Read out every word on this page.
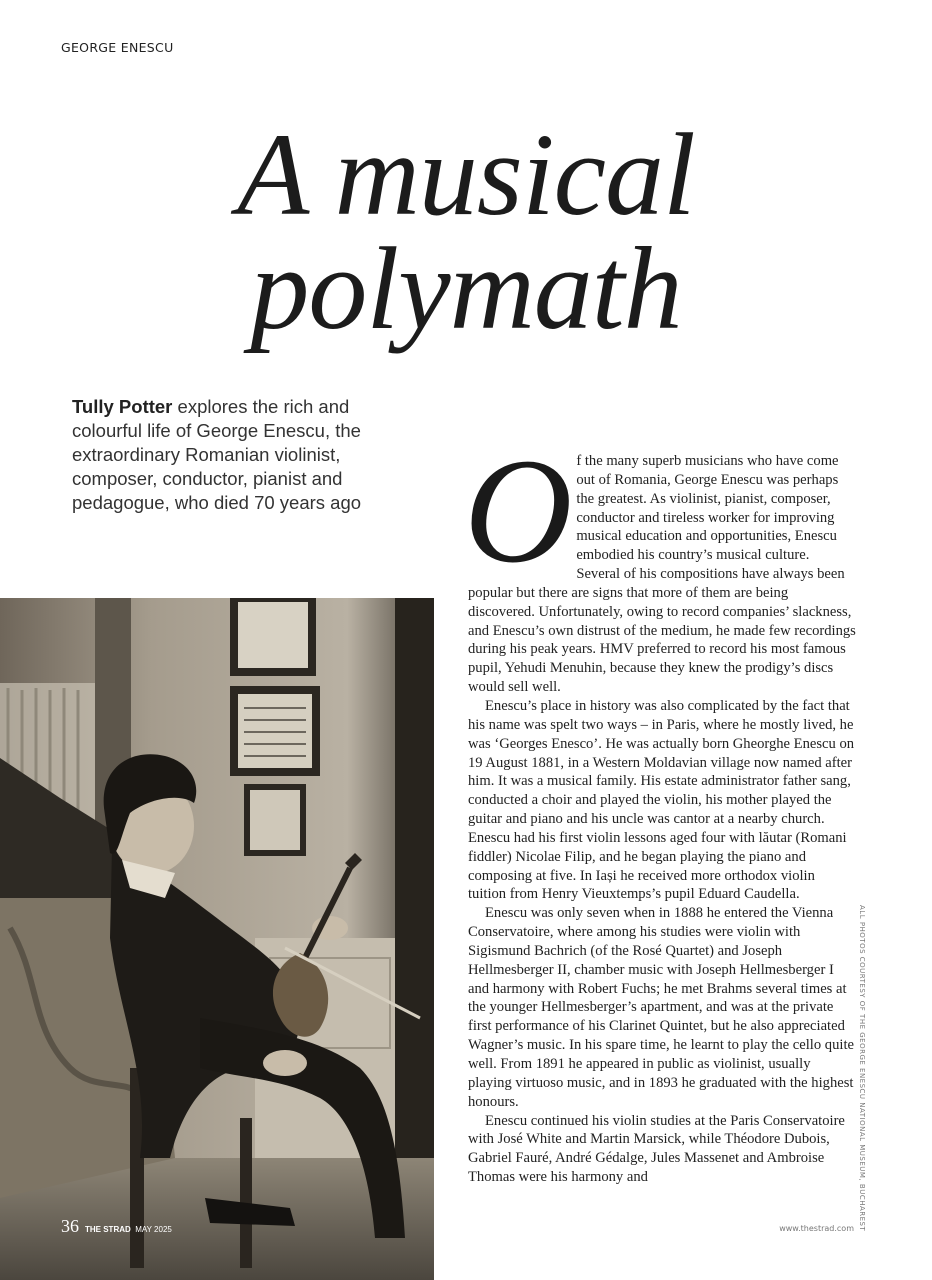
GEORGE ENESCU
A musical
polymath

Tully Potter explores the rich and colourful life of George Enescu, the extraordinary Romanian violinist, composer, conductor, pianist and pedagogue, who died 70 years ago Of the many superb musicians who have come out of Romania, George Enescu was perhaps the greatest. As violinist, pianist, composer, conductor and tireless worker for improving musical education and opportunities, Enescu embodied his country’s musical culture. Several of his compositions have always been popular but there are signs that more of them are being discovered. Unfortunately, owing to record companies’ slackness, and Enescu’s own distrust of the medium, he made few recordings during his peak years. HMV preferred to record his most famous pupil, Yehudi Menuhin, because they knew the prodigy’s discs would sell well.

Enescu’s place in history was also complicated by the fact that his name was spelt two ways – in Paris, where he mostly lived, he was ‘Georges Enesco’. He was actually born Gheorghe Enescu on 19 August 1881, in a Western Moldavian village now named after him. It was a musical family. His estate administrator father sang, conducted a choir and played the violin, his mother played the guitar and piano and his uncle was cantor at a nearby church. Enescu had his first violin lessons aged four with lăutar (Romani fiddler) Nicolae Filip, and he began playing the piano and composing at five. In Iași he received more orthodox violin tuition from Henry Vieuxtemps’s pupil Eduard Caudella.

Enescu was only seven when in 1888 he entered the Vienna Conservatoire, where among his studies were violin with Sigismund Bachrich (of the Rosé Quartet) and Joseph Hellmesberger II, chamber music with Joseph Hellmesberger I and harmony with Robert Fuchs; he met Brahms several times at the younger Hellmesberger’s apartment, and was at the private first performance of his Clarinet Quintet, but he also appreciated Wagner’s music. In his spare time, he learnt to play the cello quite well. From 1891 he appeared in public as violinist, usually playing virtuoso music, and in 1893 he graduated with the highest honours.

Enescu continued his violin studies at the Paris Conservatoire with José White and Martin Marsick, while Théodore Dubois, Gabriel Fauré, André Gédalge, Jules Massenet and Ambroise Thomas were his harmony and	ALL PHOTOS COURTESY OF THE GEORGE ENESCU NATIONAL MUSEUM, BUCHAREST
36 THE STRAD MAY 2025	www.thestrad.com
